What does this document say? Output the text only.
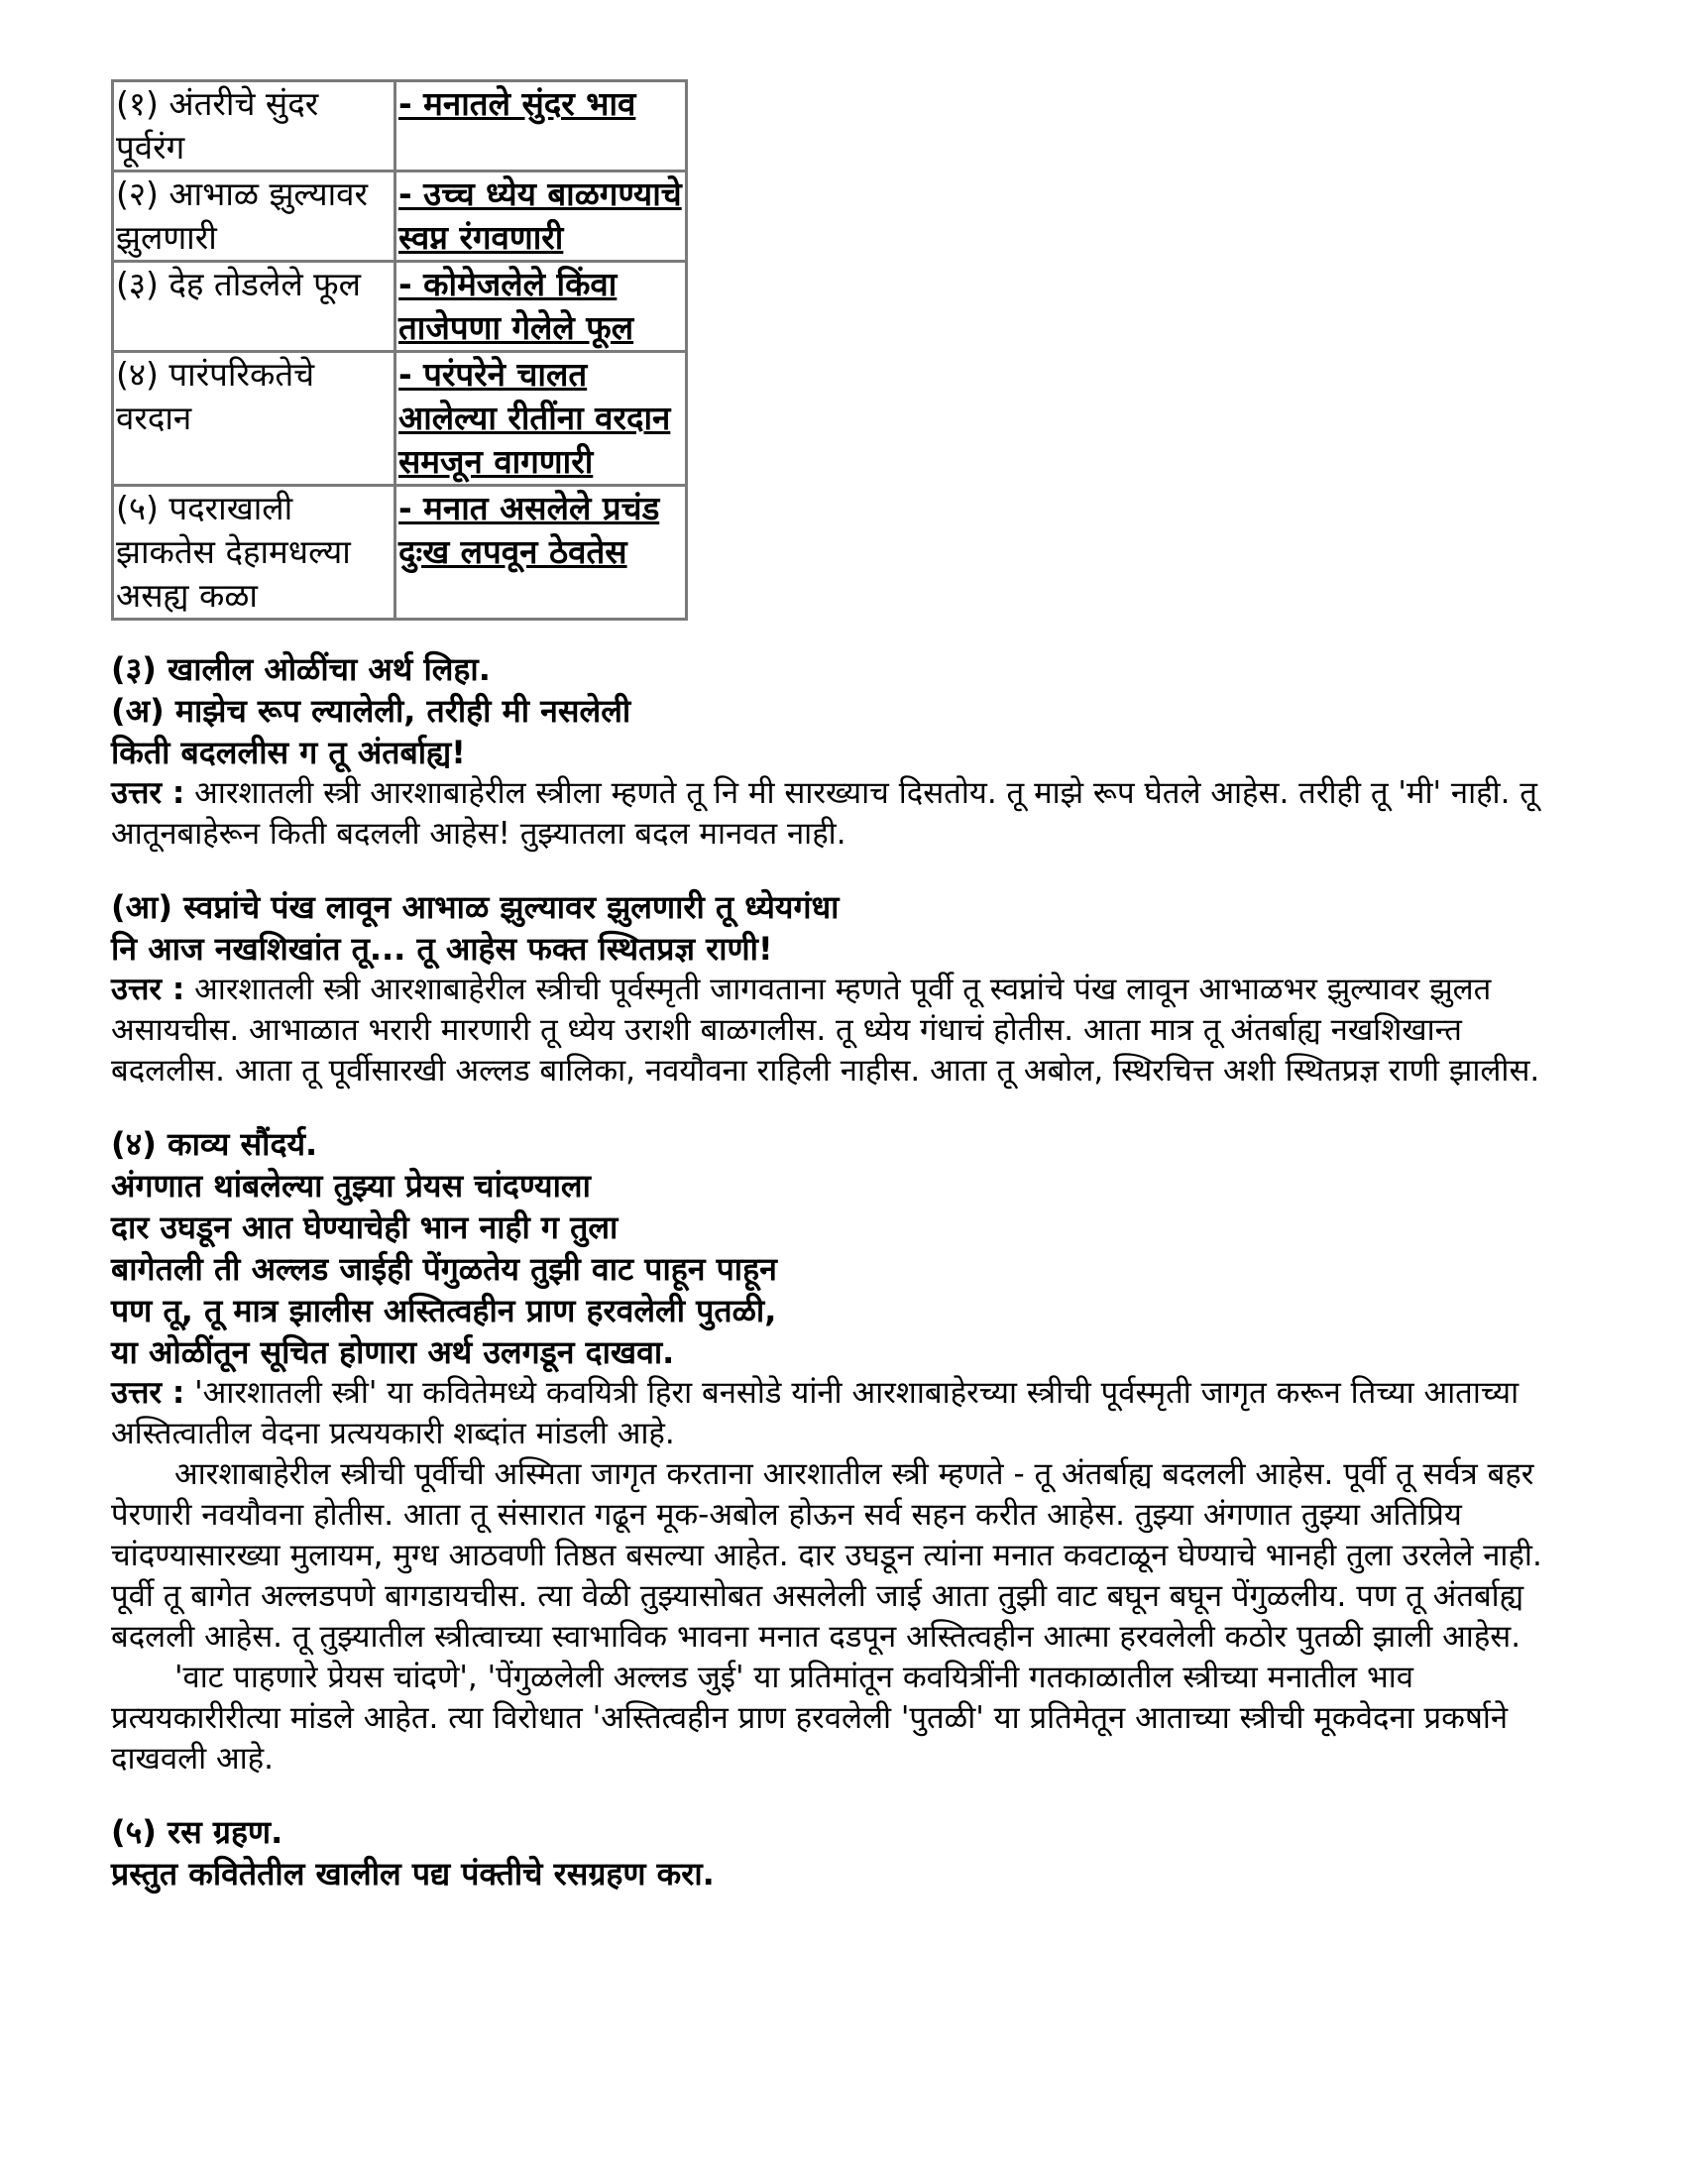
(१) अंतरीचे सुंदर पूर्वरंग	- मनातले सुंदर भाव
(२) आभाळ झुल्यावर झुलणारी	- उच्च ध्येय बाळगण्याचे स्वप्न रंगवणारी
(३) देह तोडलेले फूल	- कोमेजलेले किंवा ताजेपणा गेलेले फूल
(४) पारंपरिकतेचे वरदान	- परंपरेने चालत आलेल्या रीतींना वरदान समजून वागणारी
(५) पदराखाली झाकतेस देहामधल्या असह्य कळा	- मनात असलेले प्रचंड दुःख लपवून ठेवतेस

(३) खालील ओळींचा अर्थ लिहा.

(अ) माझेच रूप ल्यालेली, तरीही मी नसलेली

किती बदललीस ग तू अंतर्बाह्य!

उत्तर : आरशातली स्त्री आरशाबाहेरील स्त्रीला म्हणते तू नि मी सारख्याच दिसतोय. तू माझे रूप घेतले आहेस. तरीही तू 'मी' नाही. तू आतूनबाहेरून किती बदलली आहेस! तुझ्यातला बदल मानवत नाही.

(आ) स्वप्नांचे पंख लावून आभाळ झुल्यावर झुलणारी तू ध्येयगंधा

नि आज नखशिखांत तू... तू आहेस फक्त स्थितप्रज्ञ राणी!

उत्तर : आरशातली स्त्री आरशाबाहेरील स्त्रीची पूर्वस्मृती जागवताना म्हणते पूर्वी तू स्वप्नांचे पंख लावून आभाळभर झुल्यावर झुलत असायचीस. आभाळात भरारी मारणारी तू ध्येय उराशी बाळगलीस. तू ध्येय गंधाचं होतीस. आता मात्र तू अंतर्बाह्य नखशिखान्त बदललीस. आता तू पूर्वीसारखी अल्लड बालिका, नवयौवना राहिली नाहीस. आता तू अबोल, स्थिरचित्त अशी स्थितप्रज्ञ राणी झालीस.

(४) काव्य सौंदर्य.

अंगणात थांबलेल्या तुझ्या प्रेयस चांदण्याला

दार उघडून आत घेण्याचेही भान नाही ग तुला

बागेतली ती अल्लड जाईही पेंगुळतेय तुझी वाट पाहून पाहून

पण तू, तू मात्र झालीस अस्तित्वहीन प्राण हरवलेली पुतळी,

या ओळींतून सूचित होणारा अर्थ उलगडून दाखवा.

उत्तर : 'आरशातली स्त्री' या कवितेमध्ये कवयित्री हिरा बनसोडे यांनी आरशाबाहेरच्या स्त्रीची पूर्वस्मृती जागृत करून तिच्या आताच्या अस्तित्वातील वेदना प्रत्ययकारी शब्दांत मांडली आहे.

आरशाबाहेरील स्त्रीची पूर्वीची अस्मिता जागृत करताना आरशातील स्त्री म्हणते - तू अंतर्बाह्य बदलली आहेस. पूर्वी तू सर्वत्र बहर पेरणारी नवयौवना होतीस. आता तू संसारात गढून मूक-अबोल होऊन सर्व सहन करीत आहेस. तुझ्या अंगणात तुझ्या अतिप्रिय चांदण्यासारख्या मुलायम, मुग्ध आठवणी तिष्ठत बसल्या आहेत. दार उघडून त्यांना मनात कवटाळून घेण्याचे भानही तुला उरलेले नाही. पूर्वी तू बागेत अल्लडपणे बागडायचीस. त्या वेळी तुझ्यासोबत असलेली जाई आता तुझी वाट बघून बघून पेंगुळलीय. पण तू अंतर्बाह्य बदलली आहेस. तू तुझ्यातील स्त्रीत्वाच्या स्वाभाविक भावना मनात दडपून अस्तित्वहीन आत्मा हरवलेली कठोर पुतळी झाली आहेस.

'वाट पाहणारे प्रेयस चांदणे', 'पेंगुळलेली अल्लड जुई' या प्रतिमांतून कवयित्रींनी गतकाळातील स्त्रीच्या मनातील भाव प्रत्ययकारीरीत्या मांडले आहेत. त्या विरोधात 'अस्तित्वहीन प्राण हरवलेली 'पुतळी' या प्रतिमेतून आताच्या स्त्रीची मूकवेदना प्रकर्षाने दाखवली आहे.

(५) रस ग्रहण.

प्रस्तुत कवितेतील खालील पद्य पंक्तीचे रसग्रहण करा.
